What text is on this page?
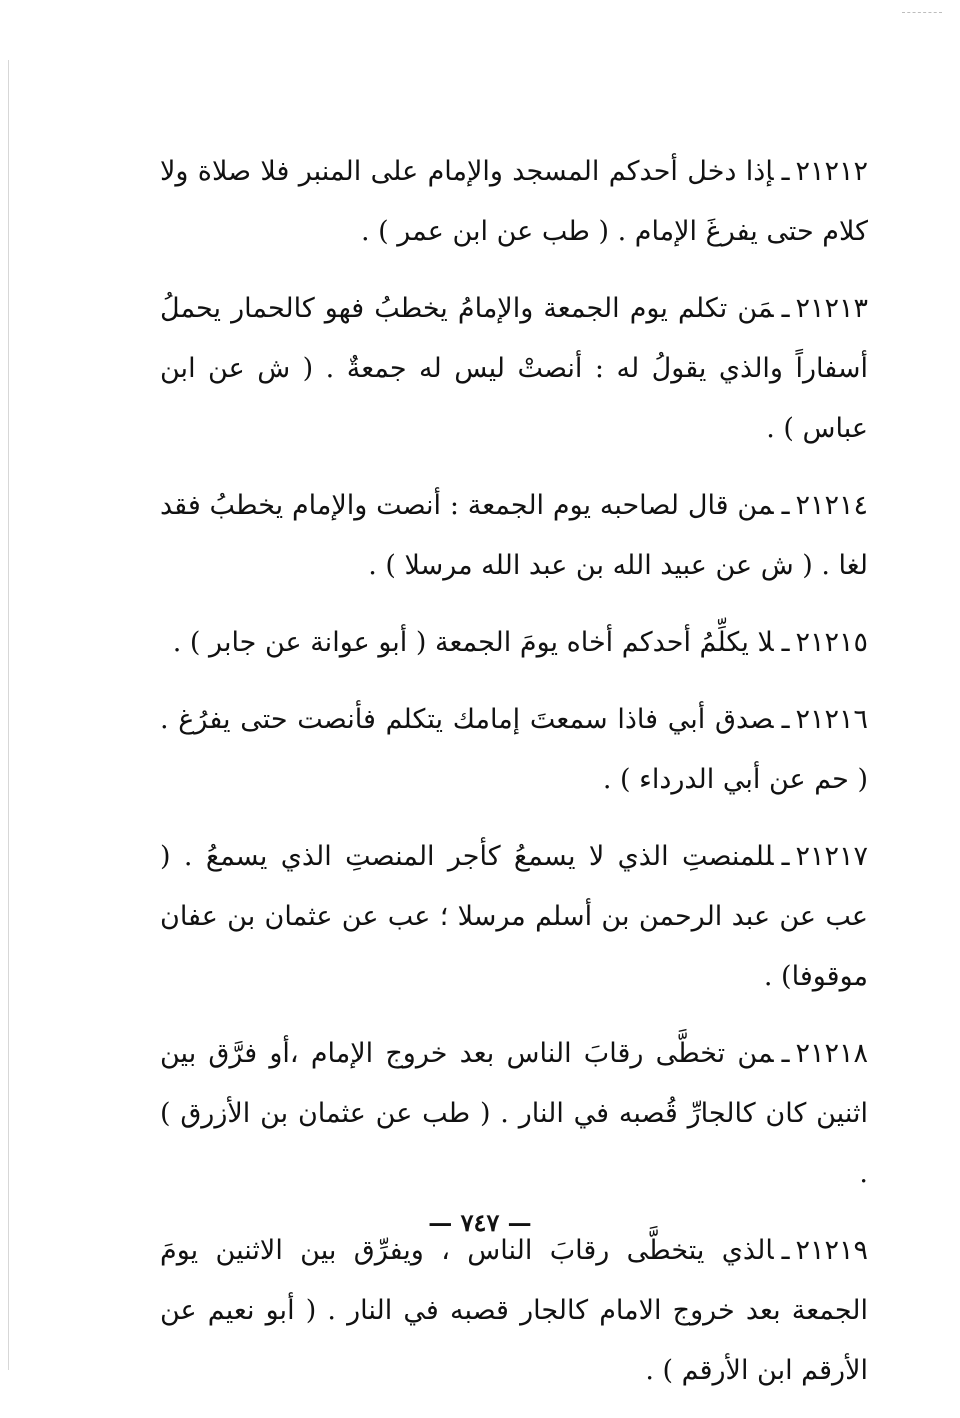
٢١٢١٢ـإذا دخل أحدكم المسجد والإمام على المنبر فلا صلاة ولا كلام حتى يفرغَ الإمام . ( طب عن ابن عمر ) .

٢١٢١٣ـمَن تكلم يوم الجمعة والإمامُ يخطبُ فهو كالحمار يحملُ أسفاراً والذي يقولُ له : أنصتْ ليس له جمعةٌ . ( ش عن ابن عباس ) .

٢١٢١٤ـمن قال لصاحبه يوم الجمعة : أنصت والإمام يخطبُ فقد لغا . ( ش عن عبيد الله بن عبد الله مرسلا ) .

٢١٢١٥ـلا يكلِّمُ أحدكم أخاه يومَ الجمعة ( أبو عوانة عن جابر ) .

٢١٢١٦ـصدق أبي فاذا سمعتَ إمامك يتكلم فأنصت حتى يفرُغ . ( حم عن أبي الدرداء ) .

٢١٢١٧ـللمنصتِ الذي لا يسمعُ كأجر المنصتِ الذي يسمعُ . ( عب عن عبد الرحمن بن أسلم مرسلا ؛ عب عن عثمان بن عفان موقوفا) .

٢١٢١٨ـمن تخطَّى رقابَ الناس بعد خروج الإمام ،أو فرَّق بين اثنين كان كالجارِّ قُصبه في النار . ( طب عن عثمان بن الأزرق ) .

٢١٢١٩ـالذي يتخطَّى رقابَ الناس ، ويفرِّق بين الاثنين يومَ الجمعة بعد خروج الامام كالجار قصبه في النار . ( أبو نعيم عن الأرقم ابن الأرقم ) .

— ٧٤٧ —
